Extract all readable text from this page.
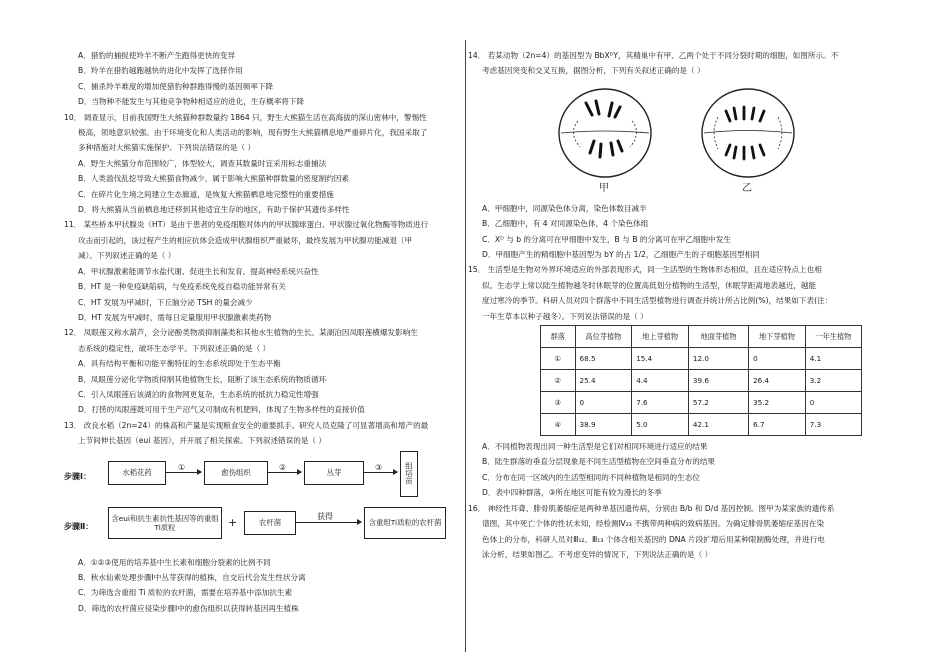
A．猎豹的捕捉使羚羊不断产生跑得更快的变异
B．羚羊在猎豹越跑越快的进化中发挥了选择作用
C．捕杀羚羊难度的增加使猎豹种群跑得慢的基因频率下降
D．当物种不能发生与其他竞争物种相适应的进化，生存概率将下降
10． 调查显示，目前我国野生大熊猫种群数量约 1864 只，野生大熊猫生活在高海拔的深山密林中，警惕性
极高，领地意识较强。由于环境变化和人类活动的影响，现有野生大熊猫栖息地严重碎片化，我国采取了
多种措施对大熊猫实施保护。下列说法错误的是（ ）
A．野生大熊猫分布范围较广，体型较大，调查其数量时宜采用标志重捕法
B．人类滥伐乱挖导致大熊猫食物减少，属于影响大熊猫种群数量的密度制约因素
C．在碎片化生境之间建立生态廊道，是恢复大熊猫栖息地完整性的重要措施
D．将大熊猫从当前栖息地迁移到其他适宜生存的地区，有助于保护其遗传多样性
11． 某些桥本甲状腺炎（HT）是由于患者的免疫细胞对体内的甲状腺球蛋白、甲状腺过氧化物酶等物质进行
攻击而引起的，该过程产生的相应抗体会造成甲状腺组织严重破坏，最终发展为甲状腺功能减退（甲
减）。下列叙述正确的是（ ）
A．甲状腺激素能调节水盐代谢、促进生长和发育、提高神经系统兴奋性
B．HT 是一种免疫缺陷病，与免疫系统免疫自稳功能异常有关
C．HT 发展为甲减时，下丘脑分泌 TSH 的量会减少
D．HT 发展为甲减时，需每日定量服用甲状腺激素类药物
12． 凤眼莲又称水葫芦，会分泌酚类物质抑制藻类和其他水生植物的生长。某湖泊因凤眼莲横爆发影响生
态系统的稳定性，破坏生态学平。下列叙述正确的是（ ）
A．具有结构平衡和功能平衡特征的生态系统即处于生态平衡
B．凤眼莲分泌化学物质抑制其他植物生长，阻断了该生态系统的物质循环
C．引入凤眼莲后该湖泊的食物网更复杂，生态系统的抵抗力稳定性增强
D．打捞的凤眼莲既可用于生产沼气又可制成有机肥料，体现了生物多样性的直接价值
13． 改良水稻（2n=24）的株高和产量是实现粮食安全的重要抓手。研究人员克隆了可显著增高和增产的最
上节间伸长基因（eui 基因），并开展了相关探索。下列叙述错误的是（ ）
步骤Ⅰ：	水稻花药
①
愈伤组织
②
丛芽
③	组培苗
步骤Ⅱ：
含eui和抗生素抗性基因等的重组Ti质粒	+	农杆菌
获得
含重组Ti质粒的农杆菌
A．①②③使用的培养基中生长素和细胞分裂素的比例不同
B．秋水仙素处理步骤Ⅰ中丛芽获得的植株，自交后代会发生性状分离
C．为筛选含重组 Ti 质粒的农杆菌，需要在培养基中添加抗生素
D．筛选的农杆菌应侵染步骤Ⅰ中的愈伤组织以获得转基因再生植株
14． 若某动物（2n=4）的基因型为 BbXᴰY，其精巢中有甲、乙两个处于不同分裂时期的细胞，如图所示。不
考虑基因突变和交叉互换，据图分析，下列有关叙述正确的是（ ）
甲	乙
A．甲细胞中，同源染色体分离，染色体数目减半
B．乙细胞中，有 4 对同源染色体，4 个染色体组
C．Xᴰ 与 b 的分离可在甲细胞中发生，B 与 B 的分离可在甲乙细胞中发生
D．甲细胞产生的精细胞中基因型为 bY 的占 1/2，乙细胞产生的子细胞基因型相同
15． 生活型是生物对外界环境适应的外部表现形式，同一生活型的生物体形态相似，且在适应特点上也相
似。生态学上常以陆生植物越冬时休眠芽的位置高低划分植物的生活型，休眠芽距离地表越近，越能
度过寒冷的季节。科研人员对四个群落中不同生活型植物进行调查并统计所占比例(%)，结果如下表(注：
一年生草本以种子越冬）。下列说法错误的是（ ）
群落	高位芽植物	地上芽植物	地面芽植物	地下芽植物	一年生植物
①	68.5	15.4	12.0	0	4.1
②	25.4	4.4	39.6	26.4	3.2
③	0	7.6	57.2	35.2	0
④	38.9	5.0	42.1	6.7	7.3
A．不同植物表现出同一种生活型是它们对相同环境进行适应的结果
B．陆生群落的垂直分层现象是不同生活型植物在空间垂直分布的结果
C．分布在同一区域内的生活型相同的不同种植物是相同的生态位
D．表中四种群落，③所在地区可能有较为漫长的冬季
16． 神经性耳聋、腓骨肌萎缩症是两种单基因遗传病，分别由 B/b 和 D/d 基因控制。图甲为某家族的遗传系
谱图，其中死亡个体的性状未知，经检测Ⅳ₂₃ 不携带两种病的致病基因。为确定腓骨肌萎缩症基因在染
色体上的分布，科研人员对Ⅲ₁₂、Ⅲ₁₃ 个体含相关基因的 DNA 片段扩增后用某种限制酶处理，并进行电
泳分析，结果如图乙。不考虑变异的情况下，下列说法正确的是（ ）
